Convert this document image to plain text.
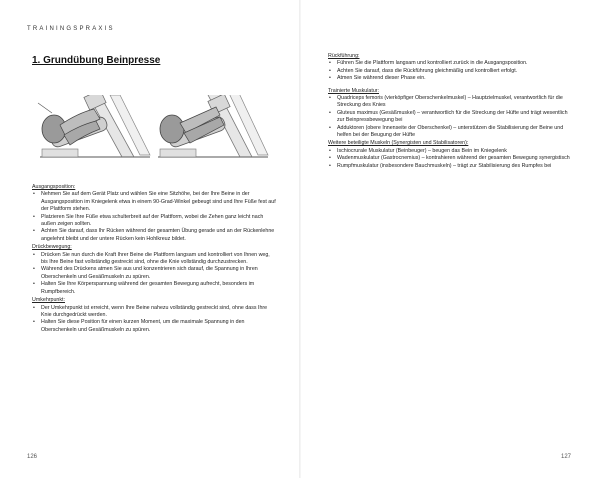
TRAININGSPRAXIS
1. Grundübung Beinpresse
Ausgangsposition:
• Nehmen Sie auf dem Gerät Platz und wählen Sie eine Sitzhöhe, bei der Ihre Beine in der Ausgangsposition im Kniegelenk etwa in einem 90-Grad-Winkel gebeugt sind und Ihre Füße fest auf der Plattform stehen.
• Platzieren Sie Ihre Füße etwa schulterbreit auf der Plattform, wobei die Zehen ganz leicht nach außen zeigen sollten.
• Achten Sie darauf, dass Ihr Rücken während der gesamten Übung gerade und an der Rückenlehne angelehnt bleibt und der untere Rücken kein Hohlkreuz bildet.
Drückbewegung:
• Drücken Sie nun durch die Kraft Ihrer Beine die Plattform langsam und kontrolliert von Ihnen weg, bis Ihre Beine fast vollständig gestreckt sind, ohne die Knie vollständig durchzustrecken.
• Während des Drückens atmen Sie aus und konzentrieren sich darauf, die Spannung in Ihren Oberschenkeln und Gesäßmuskeln zu spüren.
• Halten Sie Ihre Körperspannung während der gesamten Bewegung aufrecht, besonders im Rumpfbereich.
Umkehrpunkt:
• Der Umkehrpunkt ist erreicht, wenn Ihre Beine nahezu vollständig gestreckt sind, ohne dass Ihre Knie durchgedrückt werden.
• Halten Sie diese Position für einen kurzen Moment, um die maximale Spannung in den Oberschenkeln und Gesäßmuskeln zu spüren.
Rückführung:
• Führen Sie die Plattform langsam und kontrolliert zurück in die Ausgangsposition.
• Achten Sie darauf, dass die Rückführung gleichmäßig und kontrolliert erfolgt.
• Atmen Sie während dieser Phase ein.
Trainierte Muskulatur:
• Quadriceps femoris (vierköpfiger Oberschenkelmuskel) – Hauptzielmuskel, verantwortlich für die Streckung des Knies
• Gluteus maximus (Gesäßmuskel) – verantwortlich für die Streckung der Hüfte und trägt wesentlich zur Beinpressbewegung bei
• Adduktoren (obere Innenseite der Oberschenkel) – unterstützen die Stabilisierung der Beine und helfen bei der Beugung der Hüfte
Weitere beteiligte Muskeln (Synergisten und Stabilisatoren):
• Ischiocrurale Muskulatur (Beinbeuger) – beugen das Bein im Kniegelenk
• Wadenmuskulatur (Gastrocnemius) – kontrahieren während der gesamten Bewegung synergistisch
• Rumpfmuskulatur (insbesondere Bauchmuskeln) – trägt zur Stabilisierung des Rumpfes bei
126	127
